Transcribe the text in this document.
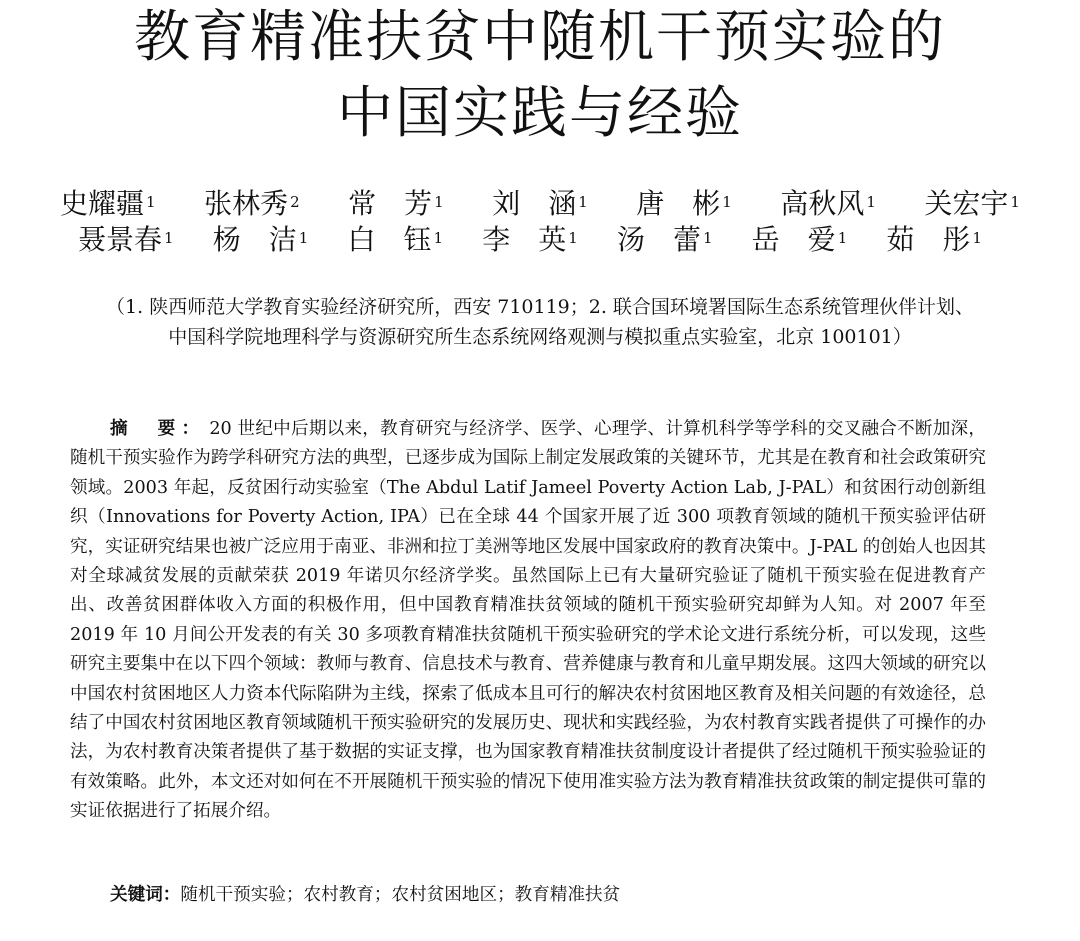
教育精准扶贫中随机干预实验的
中国实践与经验
史耀疆 $^1$ 张林秀 $^2$ 常　芳 $^1$ 刘　涵 $^1$ 唐　彬 $^1$ 高秋风 $^1$ 关宏宇 $^1$
聂景春 $^1$ 杨　洁 $^1$ 白　钰 $^1$ 李　英 $^1$ 汤　蕾 $^1$ 岳　爱 $^1$ 茹　彤 $^1$
（1. 陕西师范大学教育实验经济研究所，西安 710119；2. 联合国环境署国际生态系统管理伙伴计划、
中国科学院地理科学与资源研究所生态系统网络观测与模拟重点实验室，北京 100101）
摘　要： 20 世纪中后期以来，教育研究与经济学、医学、心理学、计算机科学等学科的交叉融合不断加深，随机干预实验作为跨学科研究方法的典型，已逐步成为国际上制定发展政策的关键环节，尤其是在教育和社会政策研究领域。2003 年起，反贫困行动实验室（The Abdul Latif Jameel Poverty Action Lab, J-PAL）和贫困行动创新组织（Innovations for Poverty Action, IPA）已在全球 44 个国家开展了近 300 项教育领域的随机干预实验评估研究，实证研究结果也被广泛应用于南亚、非洲和拉丁美洲等地区发展中国家政府的教育决策中。J-PAL 的创始人也因其对全球减贫发展的贡献荣获 2019 年诺贝尔经济学奖。虽然国际上已有大量研究验证了随机干预实验在促进教育产出、改善贫困群体收入方面的积极作用，但中国教育精准扶贫领域的随机干预实验研究却鲜为人知。对 2007 年至 2019 年 10 月间公开发表的有关 30 多项教育精准扶贫随机干预实验研究的学术论文进行系统分析，可以发现，这些研究主要集中在以下四个领域：教师与教育、信息技术与教育、营养健康与教育和儿童早期发展。这四大领域的研究以中国农村贫困地区人力资本代际陷阱为主线，探索了低成本且可行的解决农村贫困地区教育及相关问题的有效途径，总结了中国农村贫困地区教育领域随机干预实验研究的发展历史、现状和实践经验，为农村教育实践者提供了可操作的办法，为农村教育决策者提供了基于数据的实证支撑，也为国家教育精准扶贫制度设计者提供了经过随机干预实验验证的有效策略。此外，本文还对如何在不开展随机干预实验的情况下使用准实验方法为教育精准扶贫政策的制定提供可靠的实证依据进行了拓展介绍。
关键词：随机干预实验；农村教育；农村贫困地区；教育精准扶贫
